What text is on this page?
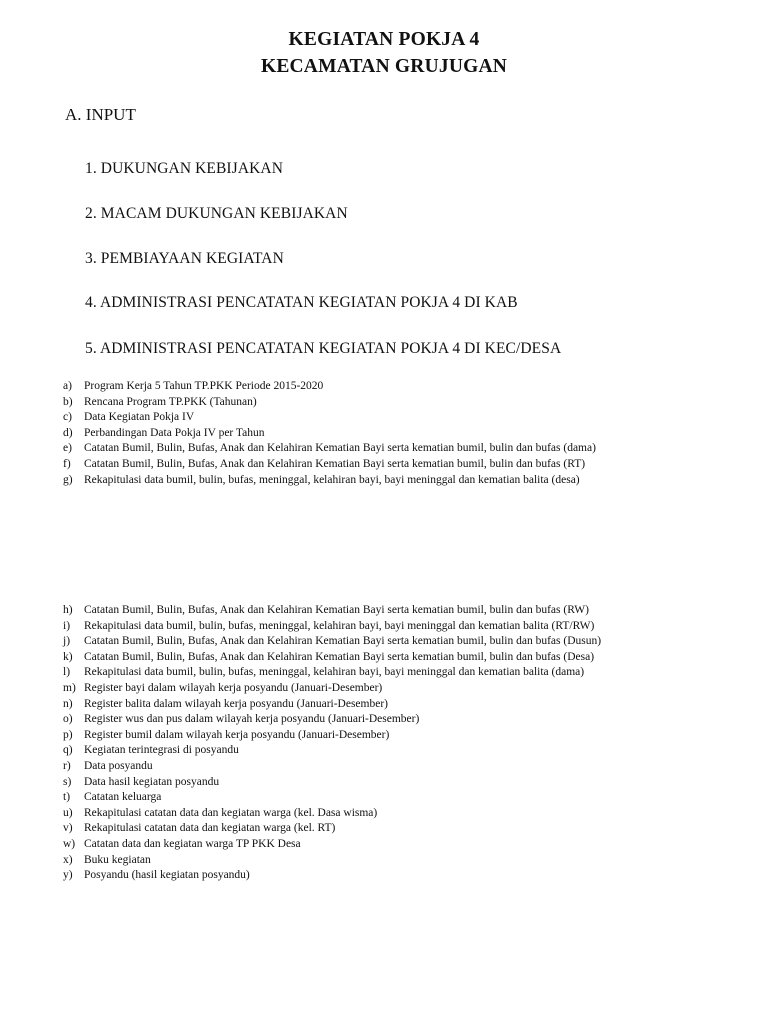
KEGIATAN POKJA 4
KECAMATAN GRUJUGAN
A. INPUT
1. DUKUNGAN KEBIJAKAN
2. MACAM DUKUNGAN KEBIJAKAN
3. PEMBIAYAAN KEGIATAN
4. ADMINISTRASI PENCATATAN KEGIATAN POKJA 4 DI KAB
5. ADMINISTRASI PENCATATAN KEGIATAN POKJA 4 DI KEC/DESA
a)	Program Kerja 5 Tahun TP.PKK Periode 2015-2020
b) Rencana Program TP.PKK (Tahunan)
c)	Data Kegiatan Pokja IV
d) Perbandingan Data Pokja IV per Tahun
e)	Catatan Bumil, Bulin, Bufas, Anak dan Kelahiran Kematian Bayi serta kematian bumil, bulin dan bufas (dama)
f)	Catatan Bumil, Bulin, Bufas, Anak dan Kelahiran Kematian Bayi serta kematian bumil, bulin dan bufas (RT)
g) Rekapitulasi data bumil, bulin, bufas, meninggal, kelahiran bayi, bayi meninggal dan kematian balita (desa)
h) Catatan Bumil, Bulin, Bufas, Anak dan Kelahiran Kematian Bayi serta kematian bumil, bulin dan bufas (RW)
i)	Rekapitulasi data bumil, bulin, bufas, meninggal, kelahiran bayi, bayi meninggal dan kematian balita (RT/RW)
j)	Catatan Bumil, Bulin, Bufas, Anak dan Kelahiran Kematian Bayi serta kematian bumil, bulin dan bufas (Dusun)
k) Catatan Bumil, Bulin, Bufas, Anak dan Kelahiran Kematian Bayi serta kematian bumil, bulin dan bufas (Desa)
l)	Rekapitulasi data bumil, bulin, bufas, meninggal, kelahiran bayi, bayi meninggal dan kematian balita (dama)
m) Register bayi dalam wilayah kerja posyandu (Januari-Desember)
n) Register balita dalam wilayah kerja posyandu (Januari-Desember)
o) Register wus dan pus dalam wilayah kerja posyandu (Januari-Desember)
p) Register bumil dalam wilayah kerja posyandu (Januari-Desember)
q) Kegiatan terintegrasi di posyandu
r)	Data posyandu
s)	Data hasil kegiatan posyandu
t)	Catatan keluarga
u) Rekapitulasi catatan data dan kegiatan warga (kel. Dasa wisma)
v) Rekapitulasi catatan data dan kegiatan warga (kel. RT)
w) Catatan data dan kegiatan warga TP PKK Desa
x) Buku kegiatan
y) Posyandu (hasil kegiatan posyandu)
